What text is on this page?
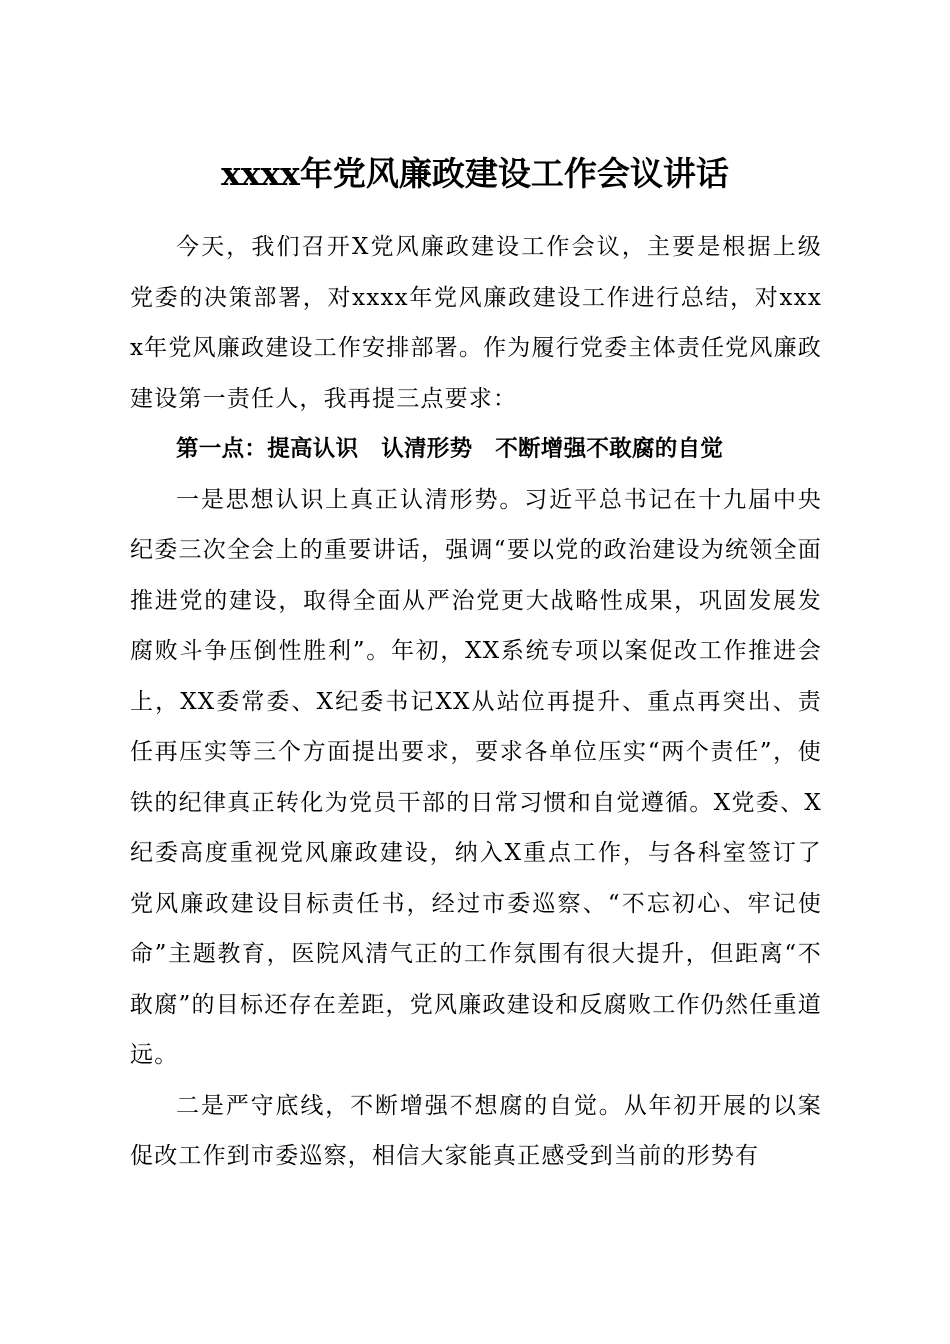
xxxx年党风廉政建设工作会议讲话

今天，我们召开X党风廉政建设工作会议，主要是根据上级党委的决策部署，对xxxx年党风廉政建设工作进行总结，对xxxx年党风廉政建设工作安排部署。作为履行党委主体责任党风廉政建设第一责任人，我再提三点要求：

第一点：提高认识　认清形势　不断增强不敢腐的自觉

一是思想认识上真正认清形势。习近平总书记在十九届中央纪委三次全会上的重要讲话，强调“要以党的政治建设为统领全面推进党的建设，取得全面从严治党更大战略性成果，巩固发展发腐败斗争压倒性胜利”。年初，XX系统专项以案促改工作推进会上，XX委常委、X纪委书记XX从站位再提升、重点再突出、责任再压实等三个方面提出要求，要求各单位压实“两个责任”，使铁的纪律真正转化为党员干部的日常习惯和自觉遵循。X党委、X纪委高度重视党风廉政建设，纳入X重点工作，与各科室签订了党风廉政建设目标责任书，经过市委巡察、“不忘初心、牢记使命”主题教育，医院风清气正的工作氛围有很大提升，但距离“不敢腐”的目标还存在差距，党风廉政建设和反腐败工作仍然任重道远。

二是严守底线，不断增强不想腐的自觉。从年初开展的以案促改工作到市委巡察，相信大家能真正感受到当前的形势有
